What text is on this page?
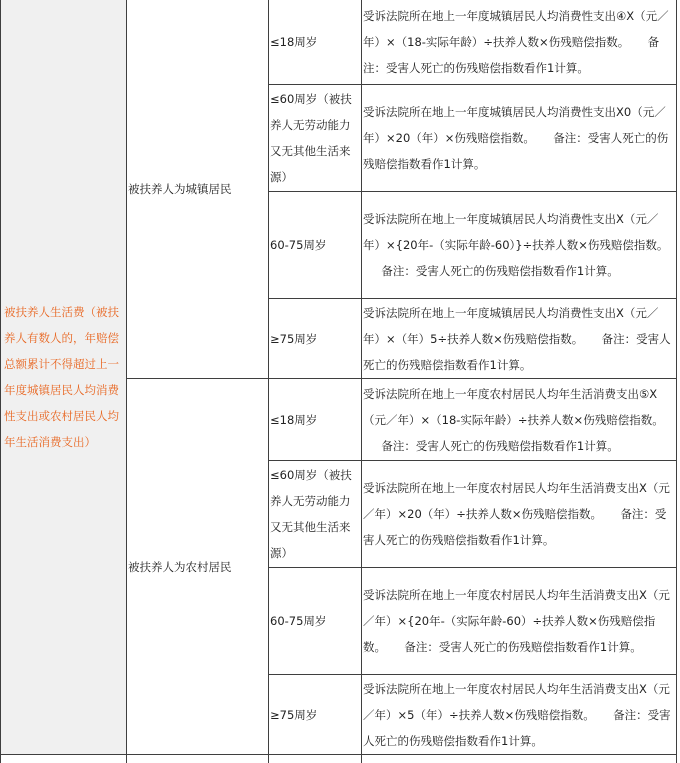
被扶养人生活费（被扶养人有数人的，年赔偿总额累计不得超过上一年度城镇居民人均消费性支出或农村居民人均年生活消费支出）	被扶养人为城镇居民	≤18周岁	受诉法院所在地上一年度城镇居民人均消费性支出④X（元／年）×（18-实际年龄）÷扶养人数×伤残赔偿指数。 备注：受害人死亡的伤残赔偿指数看作1计算。
		≤60周岁（被扶养人无劳动能力又无其他生活来源）	受诉法院所在地上一年度城镇居民人均消费性支出X0（元／年）×20（年）×伤残赔偿指数。 备注：受害人死亡的伤残赔偿指数看作1计算。
		60-75周岁	受诉法院所在地上一年度城镇居民人均消费性支出X（元／年）×{20年-（实际年龄-60）}÷扶养人数×伤残赔偿指数。备注：受害人死亡的伤残赔偿指数看作1计算。
		≥75周岁	受诉法院所在地上一年度城镇居民人均消费性支出X（元／年）×（年）5÷扶养人数×伤残赔偿指数。 备注：受害人死亡的伤残赔偿指数看作1计算。
	被扶养人为农村居民	≤18周岁	受诉法院所在地上一年度农村居民人均年生活消费支出⑤X（元／年）×（18-实际年龄）÷扶养人数×伤残赔偿指数。备注：受害人死亡的伤残赔偿指数看作1计算。
		≤60周岁（被扶养人无劳动能力又无其他生活来源）	受诉法院所在地上一年度农村居民人均年生活消费支出X（元／年）×20（年）÷扶养人数×伤残赔偿指数。 备注：受害人死亡的伤残赔偿指数看作1计算。
		60-75周岁	受诉法院所在地上一年度农村居民人均年生活消费支出X（元／年）×{20年-（实际年龄-60）÷扶养人数×伤残赔偿指数。 备注：受害人死亡的伤残赔偿指数看作1计算。
		≥75周岁	受诉法院所在地上一年度农村居民人均年生活消费支出X（元／年）×5（年）÷扶养人数×伤残赔偿指数。 备注：受害人死亡的伤残赔偿指数看作1计算。
